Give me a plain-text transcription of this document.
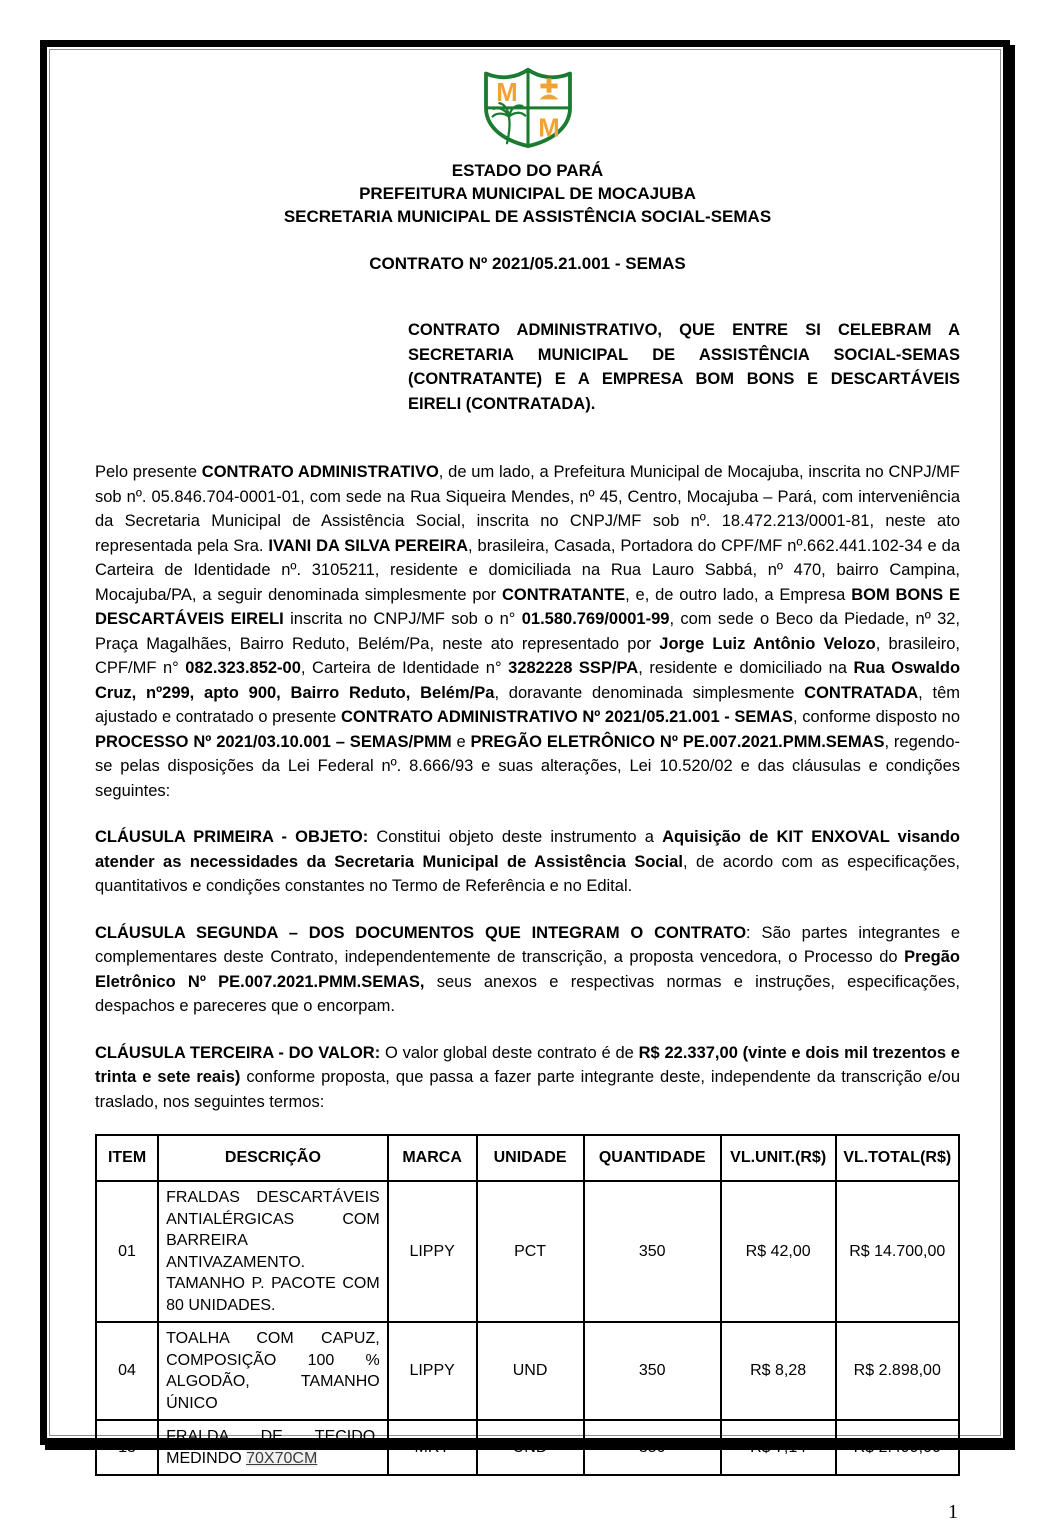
M
M
ESTADO DO PARÁ
PREFEITURA MUNICIPAL DE MOCAJUBA
SECRETARIA MUNICIPAL DE ASSISTÊNCIA SOCIAL-SEMAS
CONTRATO Nº 2021/05.21.001 - SEMAS

CONTRATO ADMINISTRATIVO, QUE ENTRE SI CELEBRAM A SECRETARIA MUNICIPAL DE ASSISTÊNCIA SOCIAL-SEMAS (CONTRATANTE) E A EMPRESA BOM BONS E DESCARTÁVEIS EIRELI (CONTRATADA).

Pelo presente CONTRATO ADMINISTRATIVO, de um lado, a Prefeitura Municipal de Mocajuba, inscrita no CNPJ/MF sob nº. 05.846.704-0001-01, com sede na Rua Siqueira Mendes, nº 45, Centro, Mocajuba – Pará, com interveniência da Secretaria Municipal de Assistência Social, inscrita no CNPJ/MF sob nº. 18.472.213/0001-81, neste ato representada pela Sra. IVANI DA SILVA PEREIRA, brasileira, Casada, Portadora do CPF/MF nº.662.441.102-34 e da Carteira de Identidade nº. 3105211, residente e domiciliada na Rua Lauro Sabbá, nº 470, bairro Campina, Mocajuba/PA, a seguir denominada simplesmente por CONTRATANTE, e, de outro lado, a Empresa BOM BONS E DESCARTÁVEIS EIRELI inscrita no CNPJ/MF sob o n° 01.580.769/0001-99, com sede o Beco da Piedade, nº 32, Praça Magalhães, Bairro Reduto, Belém/Pa, neste ato representado por Jorge Luiz Antônio Velozo, brasileiro, CPF/MF n° 082.323.852-00, Carteira de Identidade n° 3282228 SSP/PA, residente e domiciliado na Rua Oswaldo Cruz, nº299, apto 900, Bairro Reduto, Belém/Pa, doravante denominada simplesmente CONTRATADA, têm ajustado e contratado o presente CONTRATO ADMINISTRATIVO Nº 2021/05.21.001 - SEMAS, conforme disposto no PROCESSO Nº 2021/03.10.001 – SEMAS/PMM e PREGÃO ELETRÔNICO Nº PE.007.2021.PMM.SEMAS, regendo-se pelas disposições da Lei Federal nº. 8.666/93 e suas alterações, Lei 10.520/02 e das cláusulas e condições seguintes:

CLÁUSULA PRIMEIRA - OBJETO: Constitui objeto deste instrumento a Aquisição de KIT ENXOVAL visando atender as necessidades da Secretaria Municipal de Assistência Social, de acordo com as especificações, quantitativos e condições constantes no Termo de Referência e no Edital.

CLÁUSULA SEGUNDA – DOS DOCUMENTOS QUE INTEGRAM O CONTRATO: São partes integrantes e complementares deste Contrato, independentemente de transcrição, a proposta vencedora, o Processo do Pregão Eletrônico Nº PE.007.2021.PMM.SEMAS, seus anexos e respectivas normas e instruções, especificações, despachos e pareceres que o encorpam.

CLÁUSULA TERCEIRA - DO VALOR: O valor global deste contrato é de R$ 22.337,00 (vinte e dois mil trezentos e trinta e sete reais) conforme proposta, que passa a fazer parte integrante deste, independente da transcrição e/ou traslado, nos seguintes termos:

ITEM	DESCRIÇÃO	MARCA	UNIDADE	QUANTIDADE	VL.UNIT.(R$)	VL.TOTAL(R$)
01	FRALDAS DESCARTÁVEIS ANTIALÉRGICAS COM BARREIRA ANTIVAZAMENTO. TAMANHO P. PACOTE COM 80 UNIDADES.	LIPPY	PCT	350	R$ 42,00	R$ 14.700,00
04	TOALHA COM CAPUZ, COMPOSIÇÃO 100 % ALGODÃO, TAMANHO ÚNICO	LIPPY	UND	350	R$ 8,28	R$ 2.898,00
13	FRALDA DE TECIDO, MEDINDO 70X70CM	MRY	UND	350	R$ 7,14	R$ 2.499,00
1
